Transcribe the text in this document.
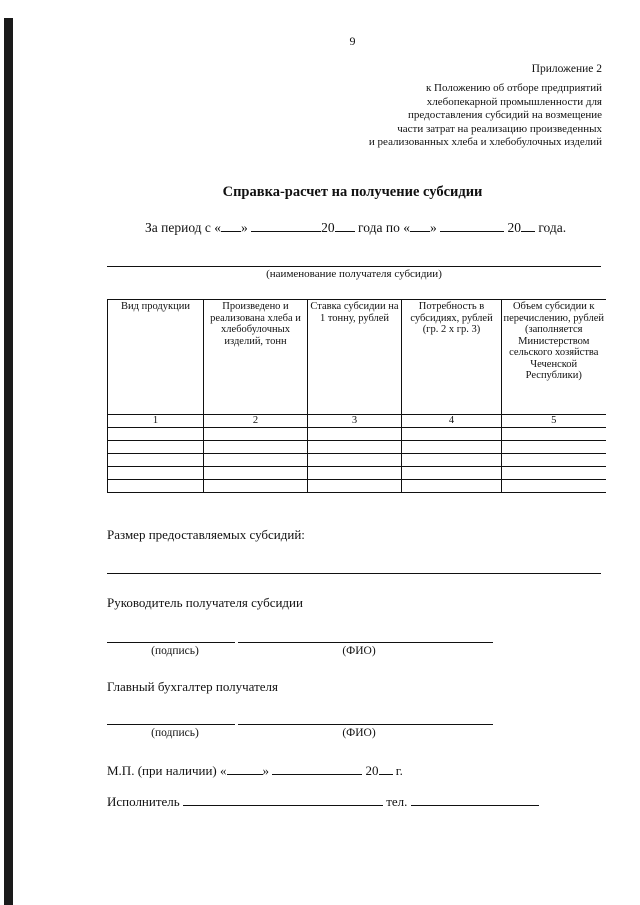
9
Приложение 2
к Положению об отборе предприятий
хлебопекарной промышленности для
предоставления субсидий на возмещение
части затрат на реализацию произведенных
и реализованных хлеба и хлебобулочных изделий
Справка-расчет на получение субсидии
За период с « »	20 года по « »	20 года.
(наименование получателя субсидии)
Вид продукции	Произведено и реализована хлеба и хлебобулочных изделий, тонн	Ставка субсидии на 1 тонну, рублей	Потребность в субсидиях, рублей (гр. 2 х гр. 3)	Объем субсидии к перечислению, рублей (заполняется Министерством сельского хозяйства Чеченской Республики)
1	2	3	4	5

Размер предоставляемых субсидий:
Руководитель получателя субсидии
(подпись)	(ФИО)
Главный бухгалтер получателя
(подпись)	(ФИО)
М.П. (при наличии) «	»	20 г.
Исполнитель	тел.
